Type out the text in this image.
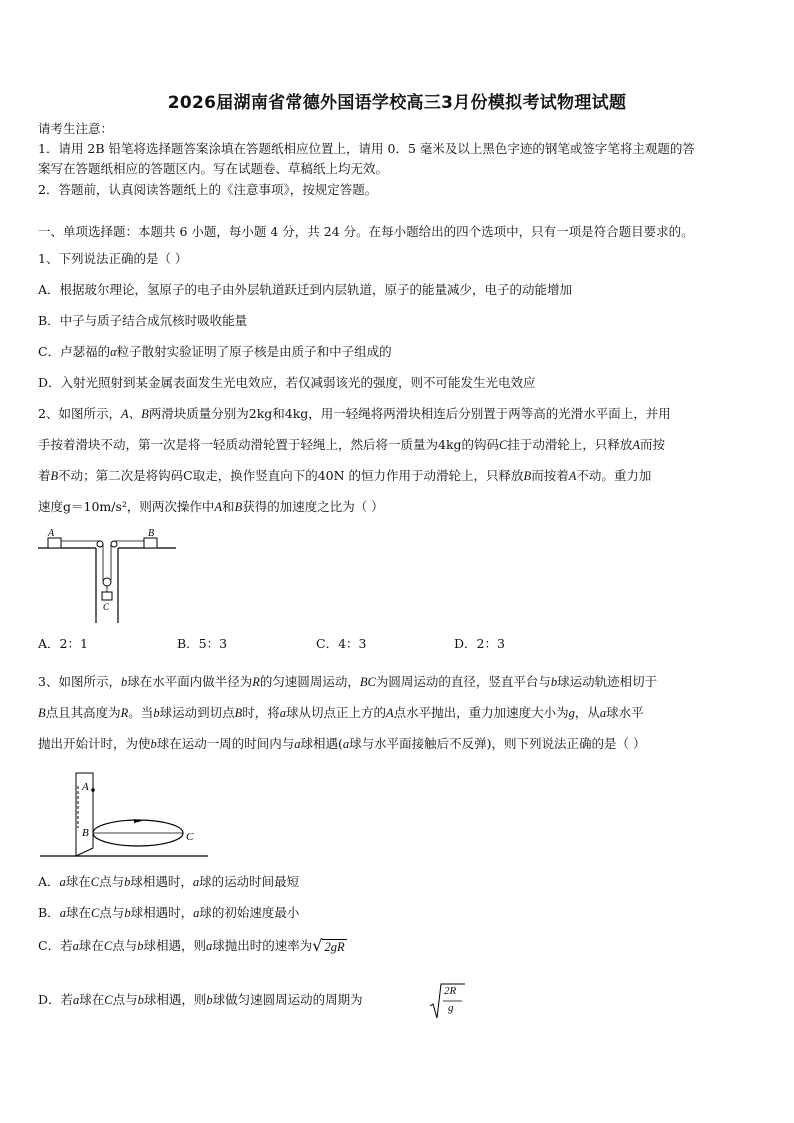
2026届湖南省常德外国语学校高三3月份模拟考试物理试题
请考生注意：
1．请用 2B 铅笔将选择题答案涂填在答题纸相应位置上，请用 0．5 毫米及以上黑色字迹的钢笔或签字笔将主观题的答
案写在答题纸相应的答题区内。写在试题卷、草稿纸上均无效。
2．答题前，认真阅读答题纸上的《注意事项》，按规定答题。
一、单项选择题：本题共 6 小题，每小题 4 分，共 24 分。在每小题给出的四个选项中，只有一项是符合题目要求的。
1、下列说法正确的是（ ）
A．根据玻尔理论，氢原子的电子由外层轨道跃迁到内层轨道，原子的能量减少，电子的动能增加
B．中子与质子结合成氘核时吸收能量
C．卢瑟福的α粒子散射实验证明了原子核是由质子和中子组成的
D．入射光照射到某金属表面发生光电效应，若仅减弱该光的强度，则不可能发生光电效应
2、如图所示，A、B两滑块质量分别为2kg和4kg，用一轻绳将两滑块相连后分别置于两等高的光滑水平面上，并用
手按着滑块不动，第一次是将一轻质动滑轮置于轻绳上，然后将一质量为4kg的钩码C挂于动滑轮上，只释放A而按
着B不动；第二次是将钩码C取走，换作竖直向下的40N 的恒力作用于动滑轮上，只释放B而按着A不动。重力加
速度g＝10m/s²，则两次操作中A和B获得的加速度之比为（ ）
A	B
C
A．2：1	B．5：3	C．4：3	D．2：3
3、如图所示，b球在水平面内做半径为R的匀速圆周运动，BC为圆周运动的直径，竖直平台与b球运动轨迹相切于
B点且其高度为R。当b球运动到切点B时，将a球从切点正上方的A点水平抛出，重力加速度大小为g，从a球水平
抛出开始计时，为使b球在运动一周的时间内与a球相遇(a球与水平面接触后不反弹)，则下列说法正确的是（ ）
A
B	C
A．a球在C点与b球相遇时，a球的运动时间最短
B．a球在C点与b球相遇时，a球的初始速度最小
C．若a球在C点与b球相遇，则a球抛出时的速率为√ 2gR
D．若a球在C点与b球相遇，则b球做匀速圆周运动的周期为
2R
g
